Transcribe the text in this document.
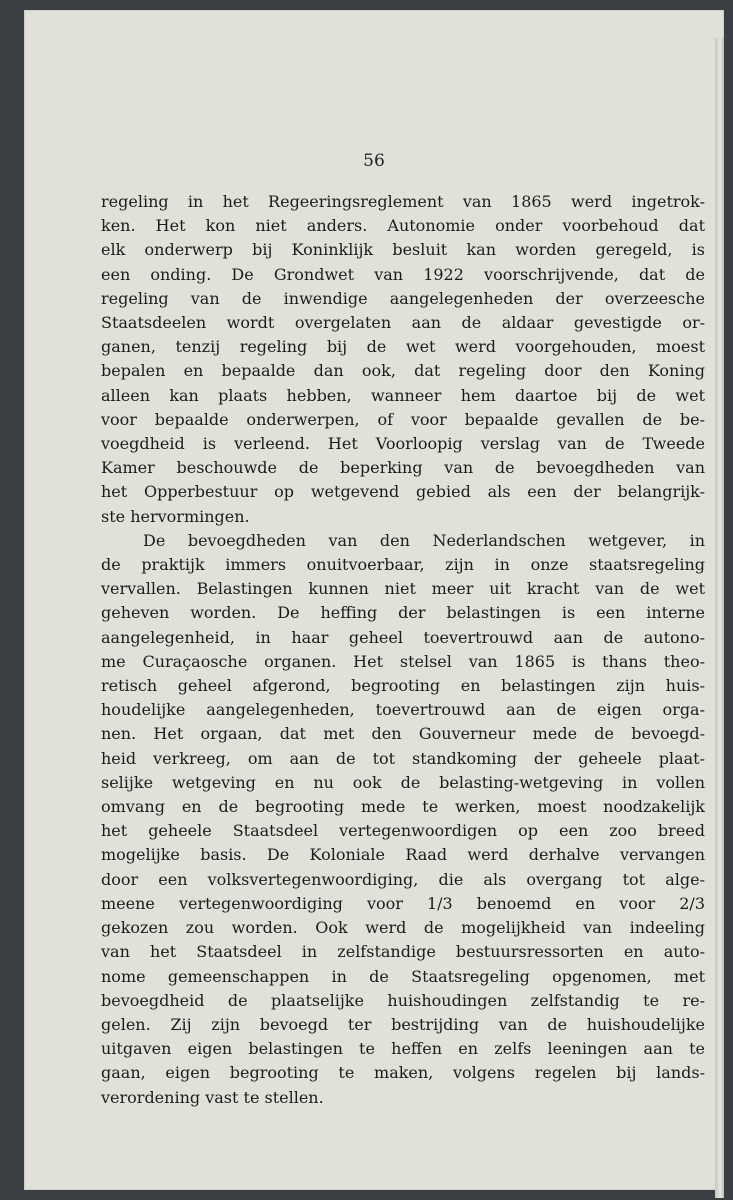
56
regeling in het Regeeringsreglement van 1865 werd ingetrok-
ken. Het kon niet anders. Autonomie onder voorbehoud dat
elk onderwerp bij Koninklijk besluit kan worden geregeld, is
een onding. De Grondwet van 1922 voorschrijvende, dat de
regeling van de inwendige aangelegenheden der overzeesche
Staatsdeelen wordt overgelaten aan de aldaar gevestigde or-
ganen, tenzij regeling bij de wet werd voorgehouden, moest
bepalen en bepaalde dan ook, dat regeling door den Koning
alleen kan plaats hebben, wanneer hem daartoe bij de wet
voor bepaalde onderwerpen, of voor bepaalde gevallen de be-
voegdheid is verleend. Het Voorloopig verslag van de Tweede
Kamer beschouwde de beperking van de bevoegdheden van
het Opperbestuur op wetgevend gebied als een der belangrijk-
ste hervormingen.
De bevoegdheden van den Nederlandschen wetgever, in
de praktijk immers onuitvoerbaar, zijn in onze staatsregeling
vervallen. Belastingen kunnen niet meer uit kracht van de wet
geheven worden. De heffing der belastingen is een interne
aangelegenheid, in haar geheel toevertrouwd aan de autono-
me Curaçaosche organen. Het stelsel van 1865 is thans theo-
retisch geheel afgerond, begrooting en belastingen zijn huis-
houdelijke aangelegenheden, toevertrouwd aan de eigen orga-
nen. Het orgaan, dat met den Gouverneur mede de bevoegd-
heid verkreeg, om aan de tot standkoming der geheele plaat-
selijke wetgeving en nu ook de belasting-wetgeving in vollen
omvang en de begrooting mede te werken, moest noodzakelijk
het geheele Staatsdeel vertegenwoordigen op een zoo breed
mogelijke basis. De Koloniale Raad werd derhalve vervangen
door een volksvertegenwoordiging, die als overgang tot alge-
meene vertegenwoordiging voor 1/3 benoemd en voor 2/3
gekozen zou worden. Ook werd de mogelijkheid van indeeling
van het Staatsdeel in zelfstandige bestuursressorten en auto-
nome gemeenschappen in de Staatsregeling opgenomen, met
bevoegdheid de plaatselijke huishoudingen zelfstandig te re-
gelen. Zij zijn bevoegd ter bestrijding van de huishoudelijke
uitgaven eigen belastingen te heffen en zelfs leeningen aan te
gaan, eigen begrooting te maken, volgens regelen bij lands-
verordening vast te stellen.
